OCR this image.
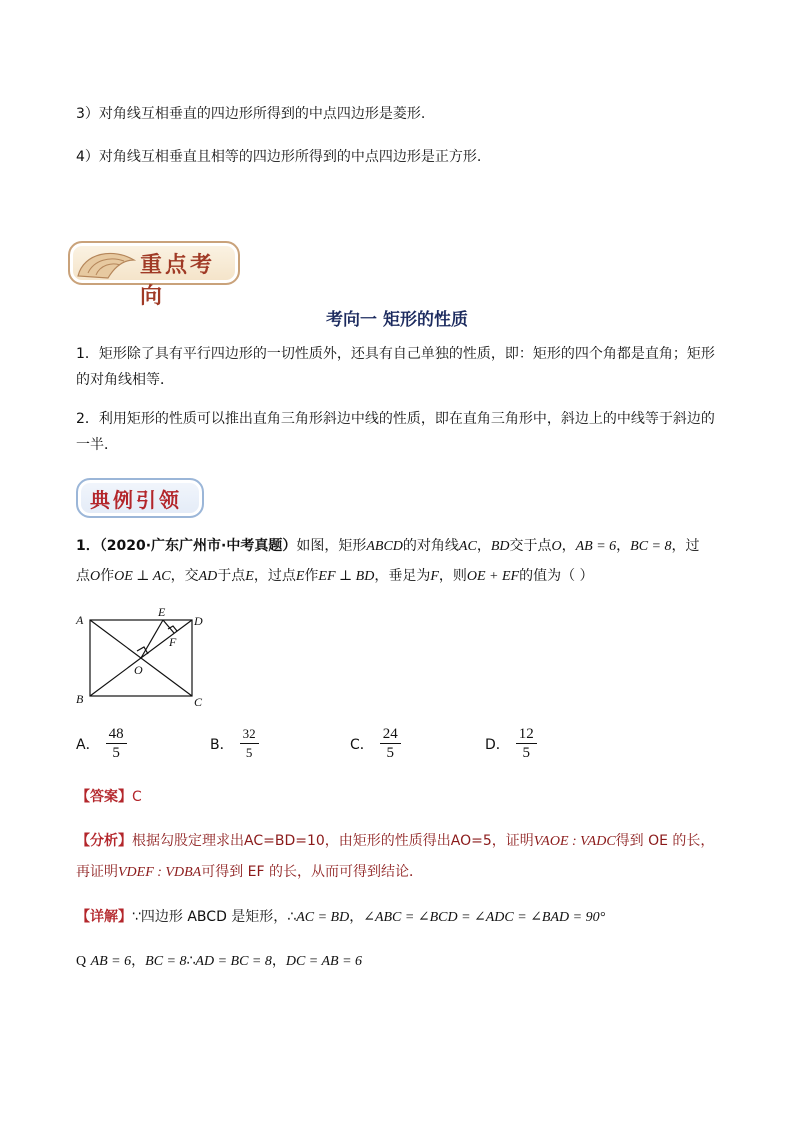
3）对角线互相垂直的四边形所得到的中点四边形是菱形.
4）对角线互相垂直且相等的四边形所得到的中点四边形是正方形.
重点考向
考向一 矩形的性质
1．矩形除了具有平行四边形的一切性质外，还具有自己单独的性质，即：矩形的四个角都是直角；矩形的对角线相等．
2．利用矩形的性质可以推出直角三角形斜边中线的性质，即在直角三角形中，斜边上的中线等于斜边的一半．
典例引领
1．（2020·广东广州市·中考真题）如图，矩形ABCD的对角线AC，BD交于点O，AB = 6，BC = 8，过
点O作OE ⊥ AC，交AD于点E，过点E作EF ⊥ BD，垂足为F，则OE + EF的值为（ ）
A
B	C
D
E
F
O
A． $\frac{48}{5}$	B． $\frac{32}{5}$	C． $\frac{24}{5}$	D． $\frac{12}{5}$
【答案】C
【分析】根据勾股定理求出AC=BD=10，由矩形的性质得出AO=5，证明VAOE : VADC得到 OE 的长，
再证明VDEF : VDBA可得到 EF 的长，从而可得到结论．
【详解】∵四边形 ABCD 是矩形，∴AC = BD，∠ABC = ∠BCD = ∠ADC = ∠BAD = 90°
Q AB = 6，BC = 8∴AD = BC = 8，DC = AB = 6
